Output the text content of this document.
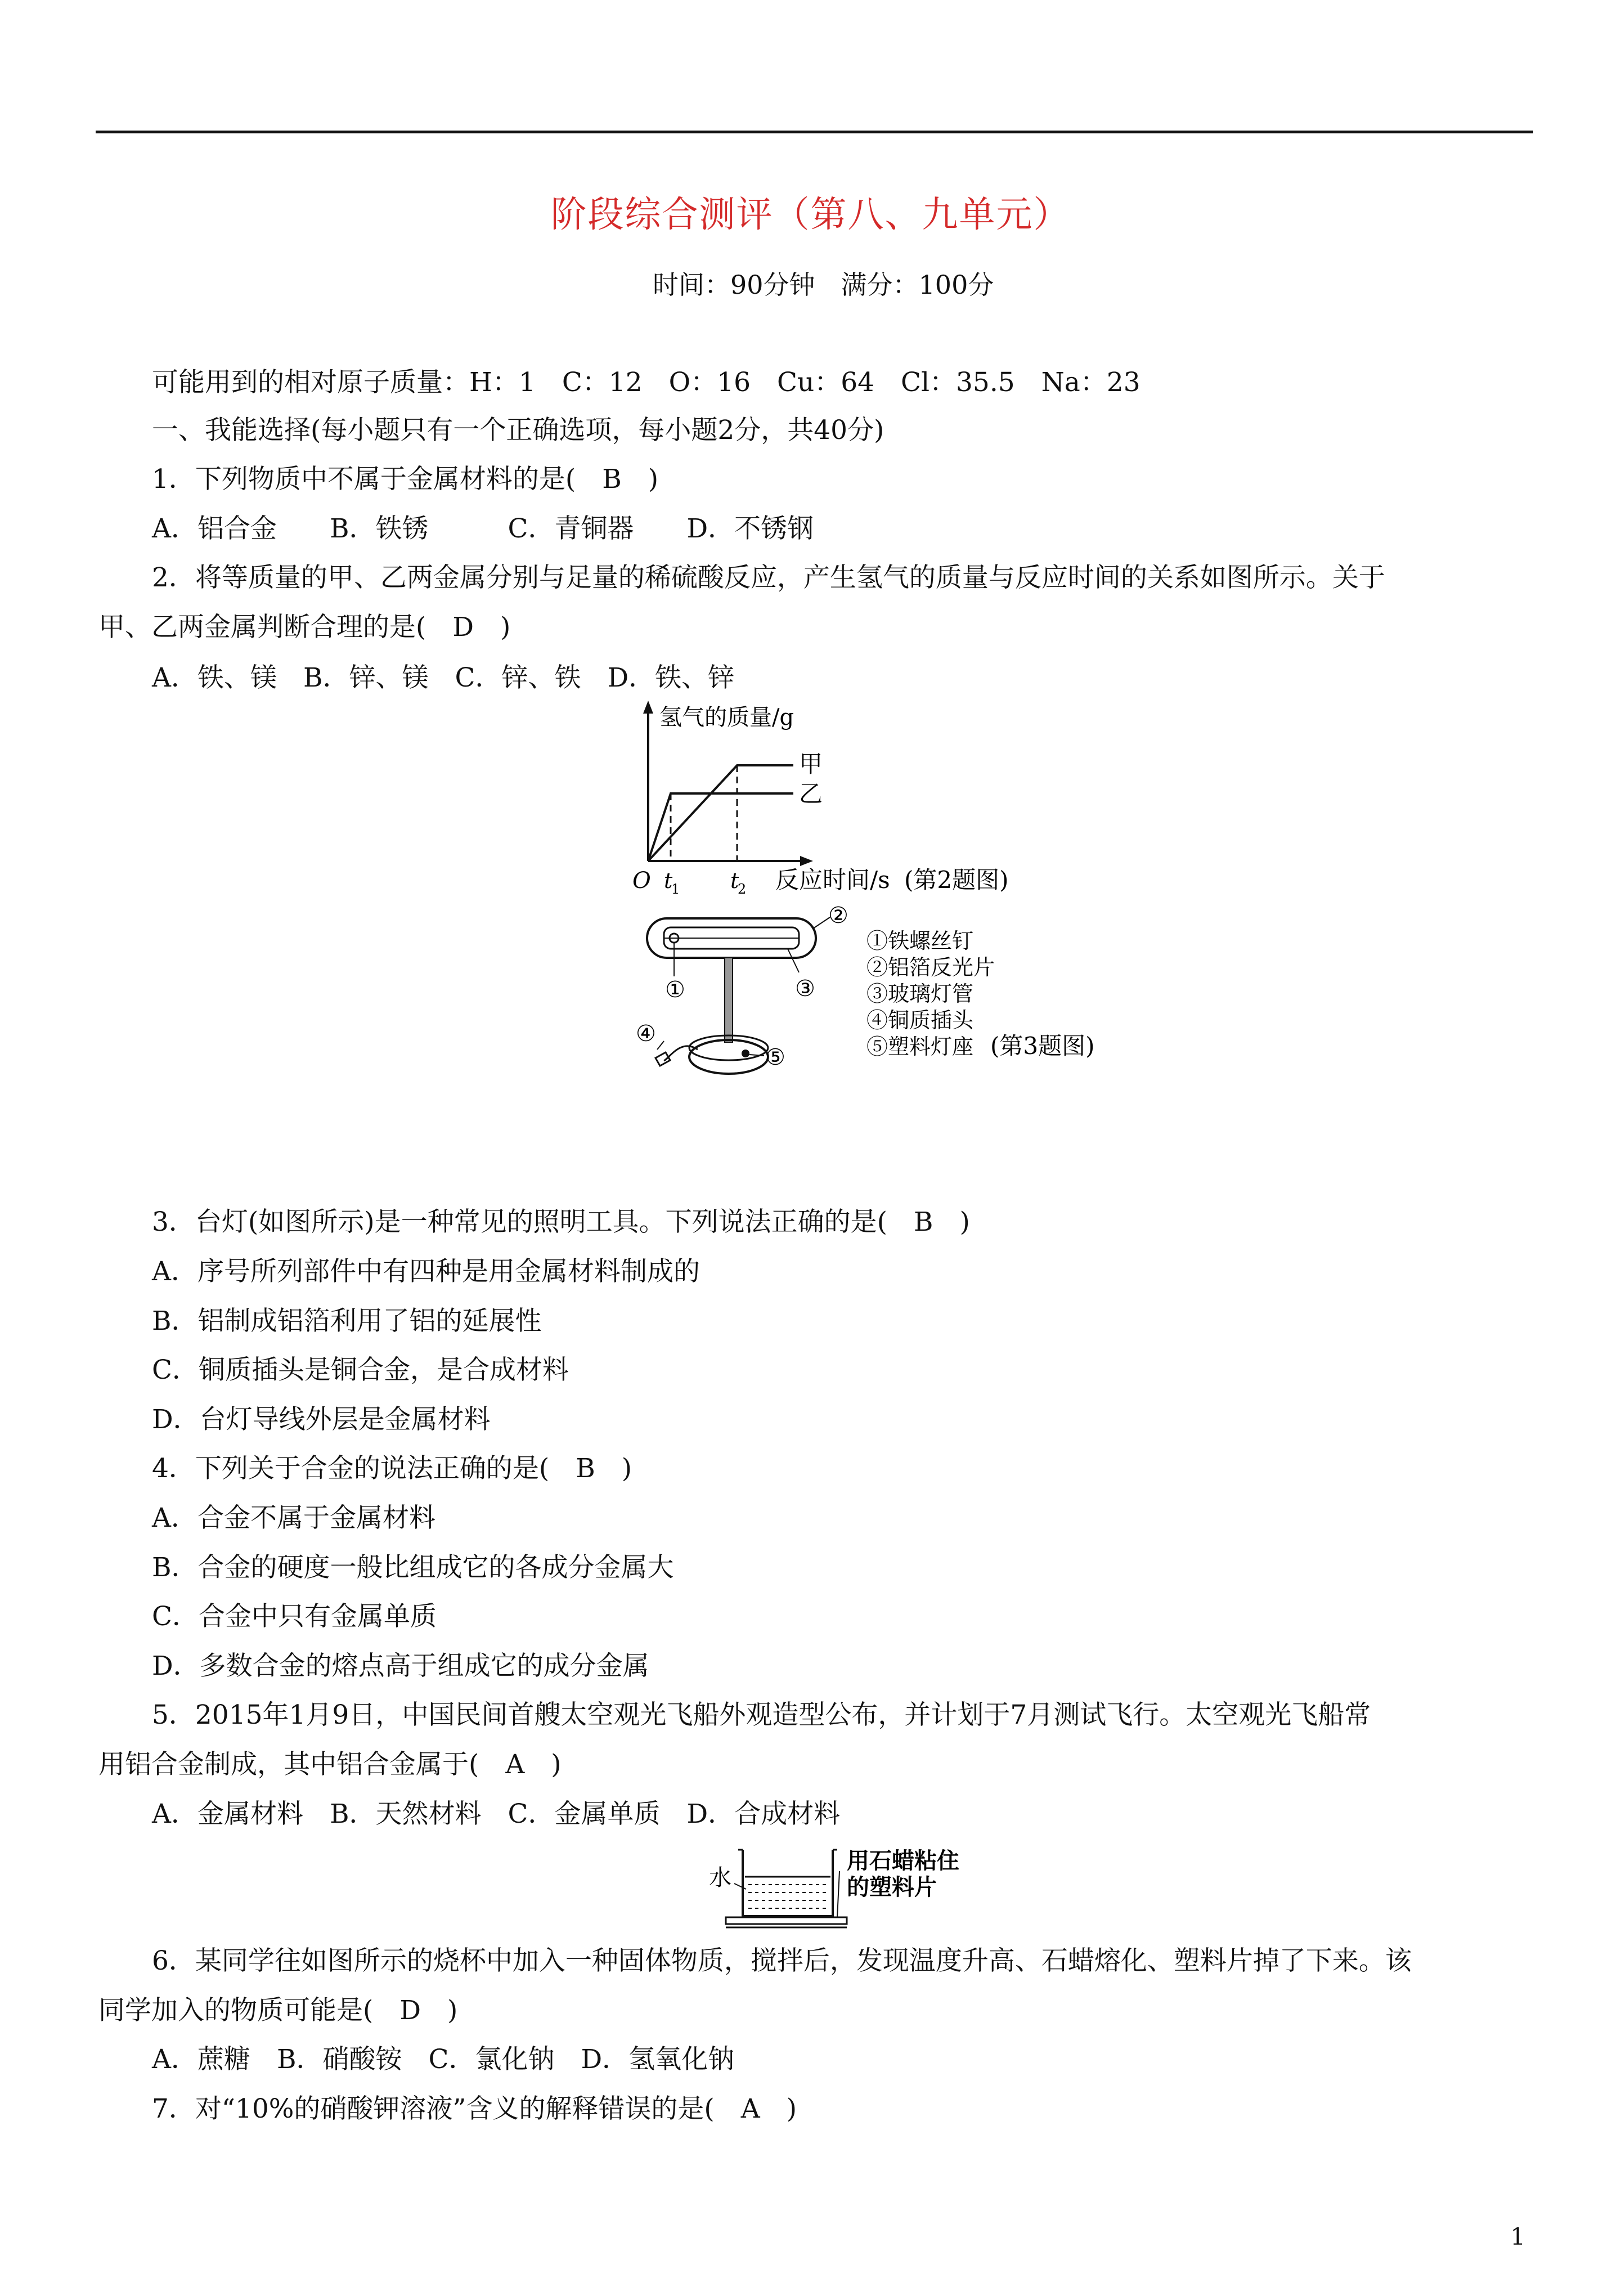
阶段综合测评（第八、九单元）
时间：90分钟　满分：100分
可能用到的相对原子质量：H：1　C：12　O：16　Cu：64　Cl：35.5　Na：23
一、我能选择(每小题只有一个正确选项，每小题2分，共40分)
1．下列物质中不属于金属材料的是(　B　)
A．铝合金　　B．铁锈　　　C．青铜器　　D．不锈钢
2．将等质量的甲、乙两金属分别与足量的稀硫酸反应，产生氢气的质量与反应时间的关系如图所示。关于
甲、乙两金属判断合理的是(　D　)
A．铁、镁　B．锌、镁　C．锌、铁　D．铁、锌
氢气的质量/g
甲
乙
O t
1 t
2 反应时间/s (第2题图)
①
②
③
④
⑤
①铁螺丝钉
②铝箔反光片
③玻璃灯管
④铜质插头
⑤塑料灯座 (第3题图)
3．台灯(如图所示)是一种常见的照明工具。下列说法正确的是(　B　)
A．序号所列部件中有四种是用金属材料制成的
B．铝制成铝箔利用了铝的延展性
C．铜质插头是铜合金，是合成材料
D．台灯导线外层是金属材料
4．下列关于合金的说法正确的是(　B　)
A．合金不属于金属材料
B．合金的硬度一般比组成它的各成分金属大
C．合金中只有金属单质
D．多数合金的熔点高于组成它的成分金属
5．2015年1月9日，中国民间首艘太空观光飞船外观造型公布，并计划于7月测试飞行。太空观光飞船常
用铝合金制成，其中铝合金属于(　A　)
A．金属材料　B．天然材料　C．金属单质　D．合成材料
水
用石蜡粘住
的塑料片
6．某同学往如图所示的烧杯中加入一种固体物质，搅拌后，发现温度升高、石蜡熔化、塑料片掉了下来。该
同学加入的物质可能是(　D　)
A．蔗糖　B．硝酸铵　C．氯化钠　D．氢氧化钠
7．对“10%的硝酸钾溶液”含义的解释错误的是(　A　)
1
